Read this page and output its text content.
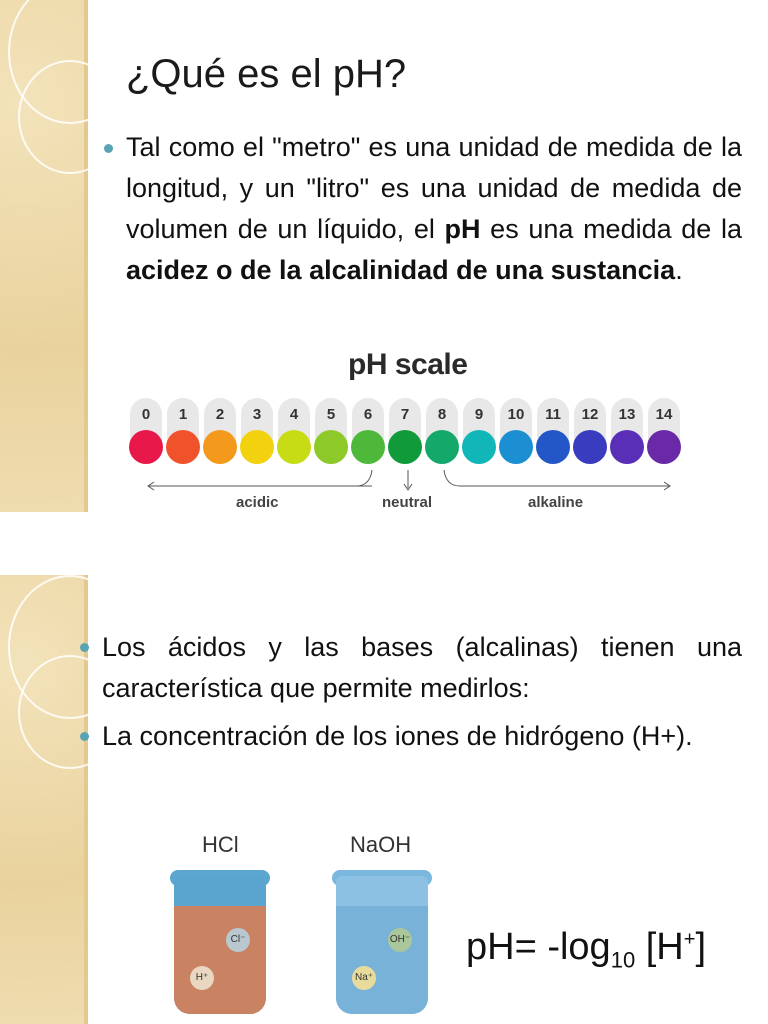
¿Qué es el pH?
Tal como el "metro" es una unidad de medida de la longitud, y un "litro" es una unidad de medida de volumen de un líquido, el pH es una medida de la acidez o de la alcalinidad de una sustancia.
pH scale
0	1	2	3	4	5	6	7	8	9	10	11	12	13	14
acidic	neutral	alkaline
Los ácidos y las bases (alcalinas) tienen una característica que permite medirlos:
La concentración de los iones de hidrógeno (H+).
HCl
Cl⁻
H⁺
NaOH
OH⁻
Na⁺
$pH= -\log_{10}$ [H+]
